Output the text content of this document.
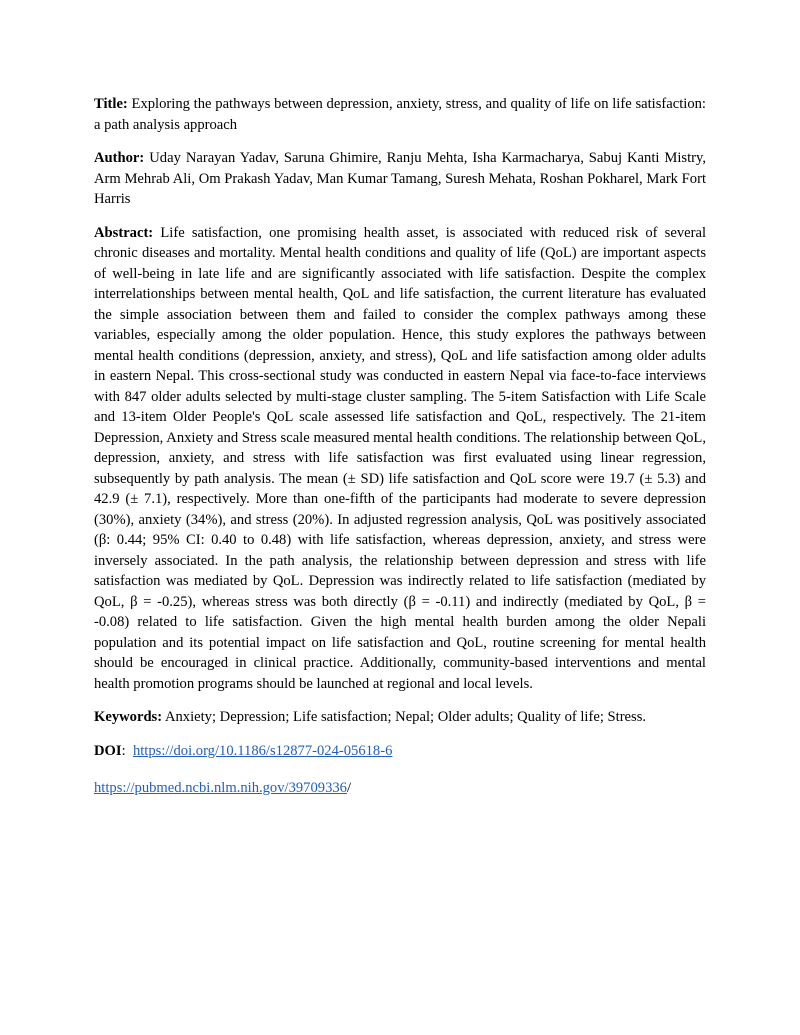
Title: Exploring the pathways between depression, anxiety, stress, and quality of life on life satisfaction: a path analysis approach

Author: Uday Narayan Yadav, Saruna Ghimire, Ranju Mehta, Isha Karmacharya, Sabuj Kanti Mistry, Arm Mehrab Ali, Om Prakash Yadav, Man Kumar Tamang, Suresh Mehata, Roshan Pokharel, Mark Fort Harris

Abstract: Life satisfaction, one promising health asset, is associated with reduced risk of several chronic diseases and mortality. Mental health conditions and quality of life (QoL) are important aspects of well-being in late life and are significantly associated with life satisfaction. Despite the complex interrelationships between mental health, QoL and life satisfaction, the current literature has evaluated the simple association between them and failed to consider the complex pathways among these variables, especially among the older population. Hence, this study explores the pathways between mental health conditions (depression, anxiety, and stress), QoL and life satisfaction among older adults in eastern Nepal. This cross-sectional study was conducted in eastern Nepal via face-to-face interviews with 847 older adults selected by multi-stage cluster sampling. The 5-item Satisfaction with Life Scale and 13-item Older People's QoL scale assessed life satisfaction and QoL, respectively. The 21-item Depression, Anxiety and Stress scale measured mental health conditions. The relationship between QoL, depression, anxiety, and stress with life satisfaction was first evaluated using linear regression, subsequently by path analysis. The mean (± SD) life satisfaction and QoL score were 19.7 (± 5.3) and 42.9 (± 7.1), respectively. More than one-fifth of the participants had moderate to severe depression (30%), anxiety (34%), and stress (20%). In adjusted regression analysis, QoL was positively associated (β: 0.44; 95% CI: 0.40 to 0.48) with life satisfaction, whereas depression, anxiety, and stress were inversely associated. In the path analysis, the relationship between depression and stress with life satisfaction was mediated by QoL. Depression was indirectly related to life satisfaction (mediated by QoL, β = -0.25), whereas stress was both directly (β = -0.11) and indirectly (mediated by QoL, β = -0.08) related to life satisfaction. Given the high mental health burden among the older Nepali population and its potential impact on life satisfaction and QoL, routine screening for mental health should be encouraged in clinical practice. Additionally, community-based interventions and mental health promotion programs should be launched at regional and local levels.

Keywords: Anxiety; Depression; Life satisfaction; Nepal; Older adults; Quality of life; Stress.

DOI: https://doi.org/10.1186/s12877-024-05618-6

https://pubmed.ncbi.nlm.nih.gov/39709336/
